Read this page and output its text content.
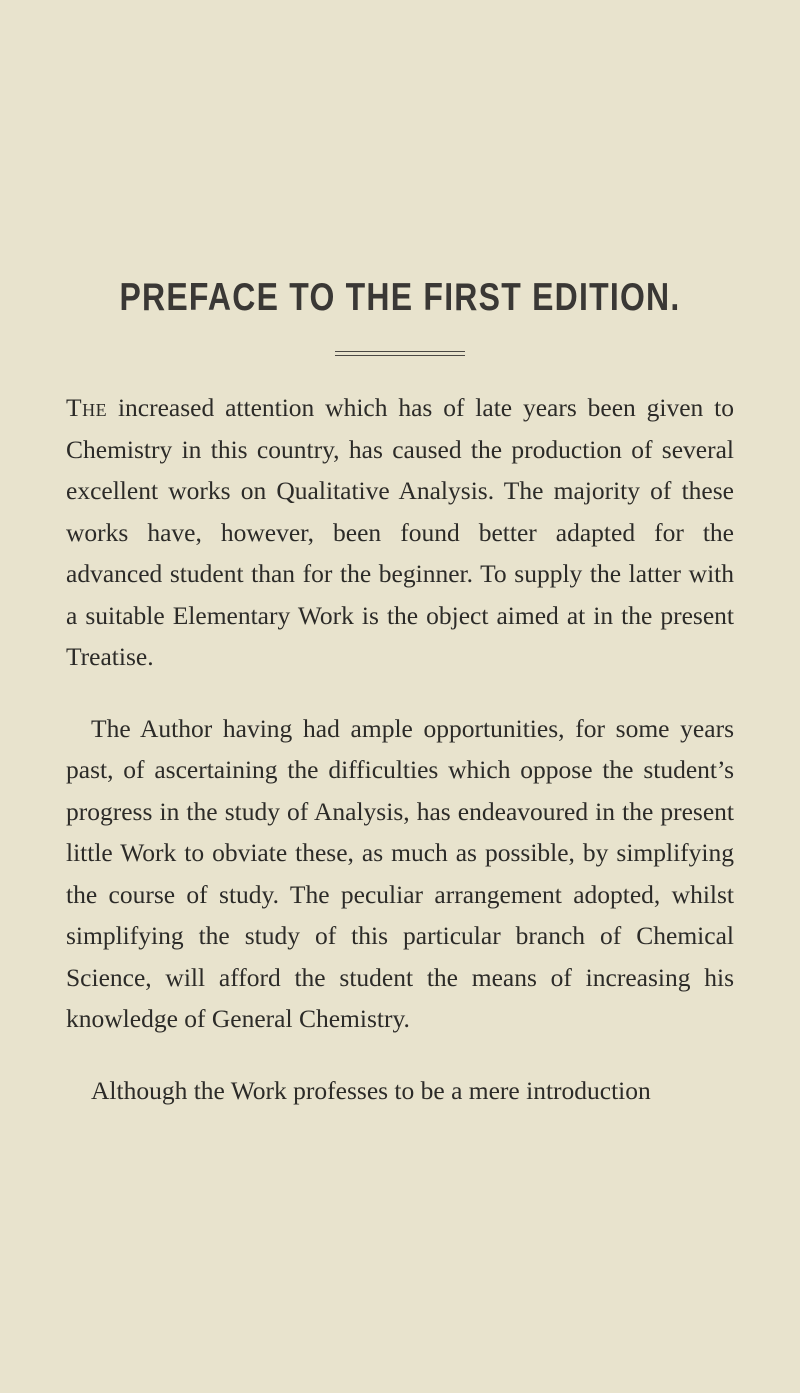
PREFACE TO THE FIRST EDITION.

The increased attention which has of late years been given to Chemistry in this country, has caused the production of several excellent works on Qualitative Analysis. The majority of these works have, however, been found better adapted for the advanced student than for the beginner. To supply the latter with a suitable Elementary Work is the object aimed at in the present Treatise.

The Author having had ample opportunities, for some years past, of ascertaining the difficulties which oppose the student’s progress in the study of Analysis, has endeavoured in the present little Work to obviate these, as much as possible, by simplifying the course of study. The peculiar arrangement adopted, whilst simplifying the study of this particular branch of Chemical Science, will afford the student the means of increasing his knowledge of General Chemistry.

Although the Work professes to be a mere introduction
